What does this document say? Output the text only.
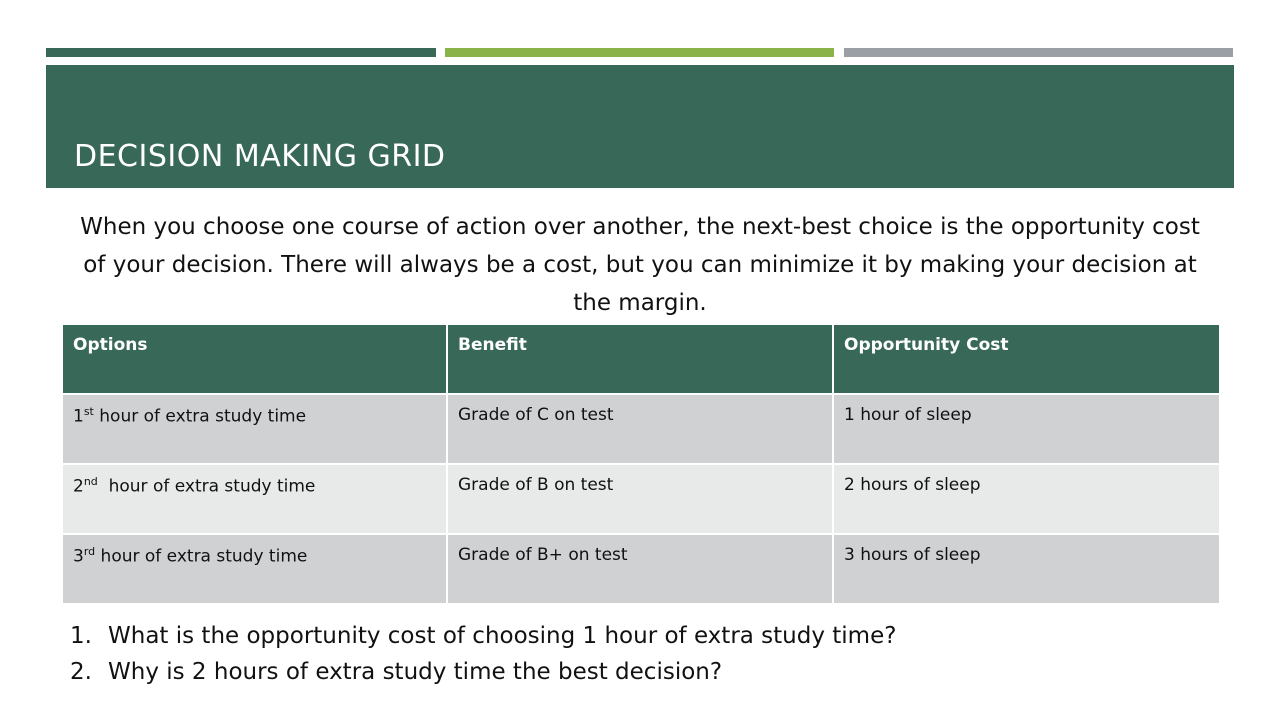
DECISION MAKING GRID

When you choose one course of action over another, the next-best choice is the opportunity cost of your decision. There will always be a cost, but you can minimize it by making your decision at the margin.

Options	Benefit	Opportunity Cost
1st hour of extra study time	Grade of C on test	1 hour of sleep
2nd  hour of extra study time	Grade of B on test	2 hours of sleep
3rd hour of extra study time	Grade of B+ on test	3 hours of sleep
1. What is the opportunity cost of choosing 1 hour of extra study time?
2. Why is 2 hours of extra study time the best decision?
